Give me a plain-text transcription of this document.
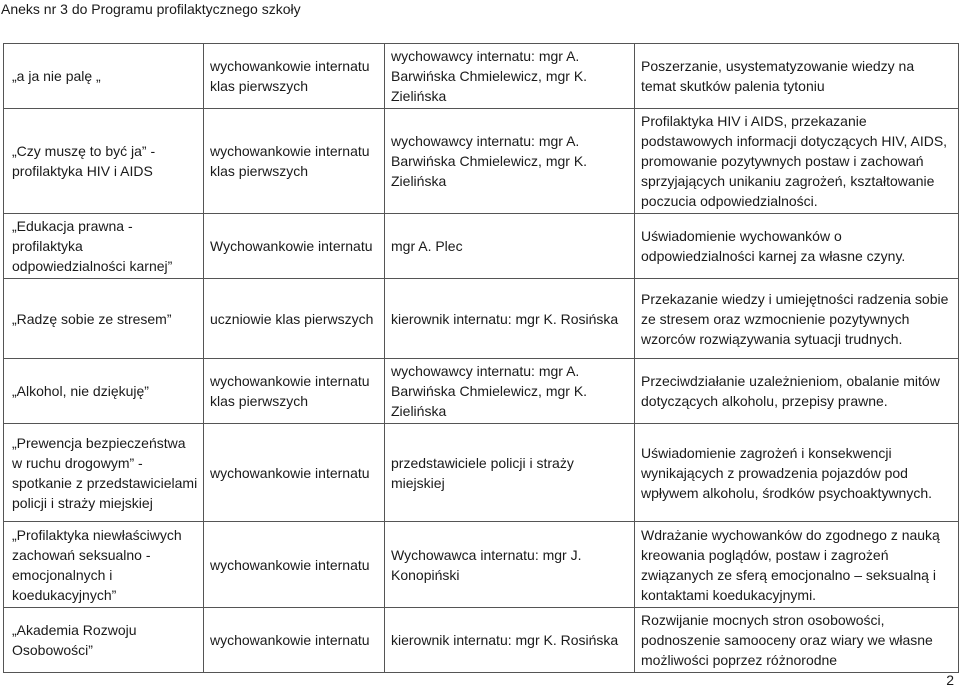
Aneks nr 3 do Programu profilaktycznego szkoły
„a ja nie palę „	wychowankowie internatu klas pierwszych	wychowawcy internatu: mgr A. Barwińska Chmielewicz, mgr K. Zielińska	Poszerzanie, usystematyzowanie wiedzy na temat skutków palenia tytoniu
„Czy muszę to być ja” - profilaktyka HIV i AIDS	wychowankowie internatu klas pierwszych	wychowawcy internatu: mgr A. Barwińska Chmielewicz, mgr K. Zielińska	Profilaktyka HIV i AIDS, przekazanie podstawowych informacji dotyczących HIV, AIDS, promowanie pozytywnych postaw i zachowań sprzyjających unikaniu zagrożeń, kształtowanie poczucia odpowiedzialności.
„Edukacja prawna - profilaktyka odpowiedzialności karnej”	Wychowankowie internatu	mgr A. Plec	Uświadomienie wychowanków o odpowiedzialności karnej za własne czyny.
„Radzę sobie ze stresem”	uczniowie klas pierwszych	kierownik internatu: mgr K. Rosińska	Przekazanie wiedzy i umiejętności radzenia sobie ze stresem oraz wzmocnienie pozytywnych wzorców rozwiązywania sytuacji trudnych.
„Alkohol, nie dziękuję”	wychowankowie internatu klas pierwszych	wychowawcy internatu: mgr A. Barwińska Chmielewicz, mgr K. Zielińska	Przeciwdziałanie uzależnieniom, obalanie mitów dotyczących alkoholu, przepisy prawne.
„Prewencja bezpieczeństwa w ruchu drogowym” - spotkanie z przedstawicielami policji i straży miejskiej	wychowankowie internatu	przedstawiciele policji i straży miejskiej	Uświadomienie zagrożeń i konsekwencji wynikających z prowadzenia pojazdów pod wpływem alkoholu, środków psychoaktywnych.
„Profilaktyka niewłaściwych zachowań seksualno - emocjonalnych i koedukacyjnych”	wychowankowie internatu	Wychowawca internatu: mgr J. Konopiński	Wdrażanie wychowanków do zgodnego z nauką kreowania poglądów, postaw i zagrożeń związanych ze sferą emocjonalno – seksualną i kontaktami koedukacyjnymi.
„Akademia Rozwoju Osobowości”	wychowankowie internatu	kierownik internatu: mgr K. Rosińska	Rozwijanie mocnych stron osobowości, podnoszenie samooceny oraz wiary we własne możliwości poprzez różnorodne
2
